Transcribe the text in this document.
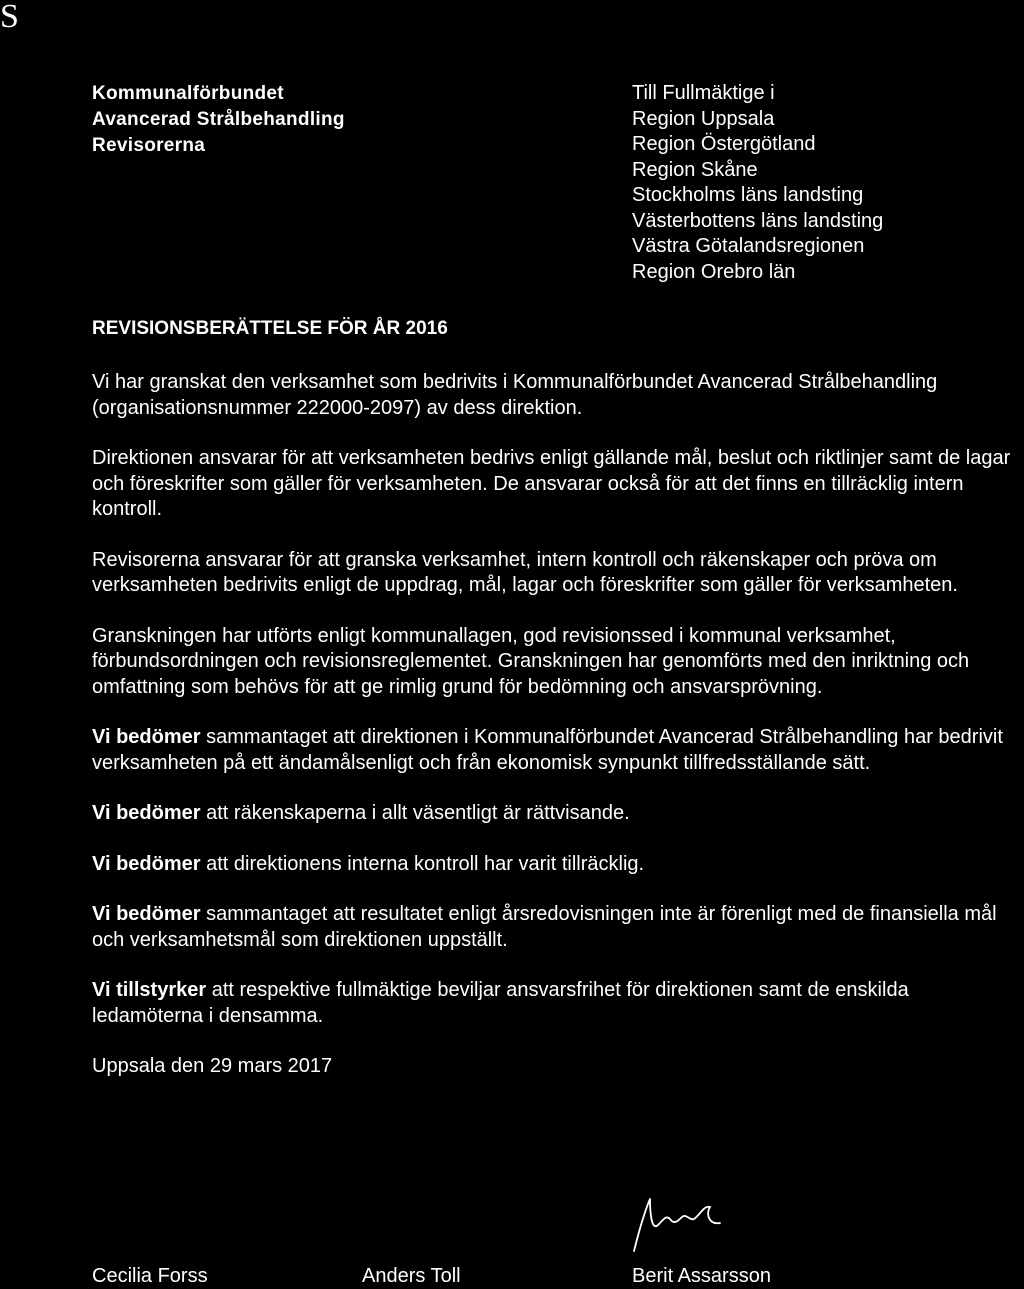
S
Kommunalförbundet
Avancerad Strålbehandling
Revisorerna
Till Fullmäktige i
Region Uppsala
Region Östergötland
Region Skåne
Stockholms läns landsting
Västerbottens läns landsting
Västra Götalandsregionen
Region Orebro län
REVISIONSBERÄTTELSE FÖR ÅR 2016

Vi har granskat den verksamhet som bedrivits i Kommunalförbundet Avancerad Strålbehandling (organisationsnummer 222000-2097) av dess direktion.

Direktionen ansvarar för att verksamheten bedrivs enligt gällande mål, beslut och riktlinjer samt de lagar och föreskrifter som gäller för verksamheten. De ansvarar också för att det finns en tillräcklig intern kontroll.

Revisorerna ansvarar för att granska verksamhet, intern kontroll och räkenskaper och pröva om verksamheten bedrivits enligt de uppdrag, mål, lagar och föreskrifter som gäller för verksamheten.

Granskningen har utförts enligt kommunallagen, god revisionssed i kommunal verksamhet, förbundsordningen och revisionsreglementet. Granskningen har genomförts med den inriktning och omfattning som behövs för att ge rimlig grund för bedömning och ansvarsprövning.

Vi bedömer sammantaget att direktionen i Kommunalförbundet Avancerad Strålbehandling har bedrivit verksamheten på ett ändamålsenligt och från ekonomisk synpunkt tillfredsställande sätt.

Vi bedömer att räkenskaperna i allt väsentligt är rättvisande.

Vi bedömer att direktionens interna kontroll har varit tillräcklig.

Vi bedömer sammantaget att resultatet enligt årsredovisningen inte är förenligt med de finansiella mål och verksamhetsmål som direktionen uppställt.

Vi tillstyrker att respektive fullmäktige beviljar ansvarsfrihet för direktionen samt de enskilda ledamöterna i densamma.

Uppsala den 29 mars 2017

Cecilia Forss	Anders Toll	Berit Assarsson
